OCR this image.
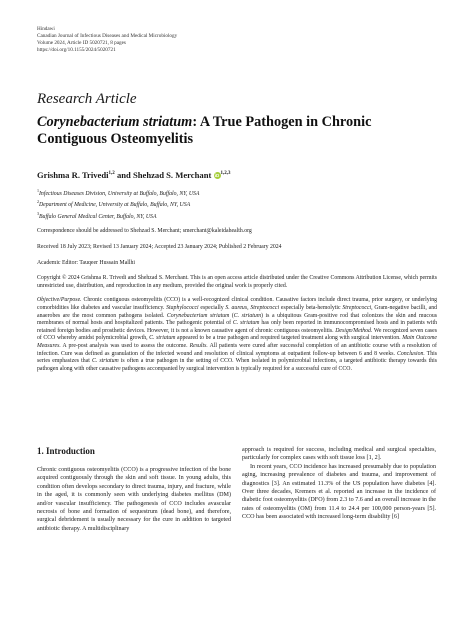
Hindawi
Canadian Journal of Infectious Diseases and Medical Microbiology
Volume 2024, Article ID 5020721, 8 pages
https://doi.org/10.1155/2024/5020721
Research Article
Corynebacterium striatum: A True Pathogen in Chronic Contiguous Osteomyelitis
Grishma R. Trivedi$^{1,2}$ and Shehzad S. Merchant iD$^{1,2,3}$
$^1$Infectious Diseases Division, University at Buffalo, Buffalo, NY, USA
$^2$Department of Medicine, University at Buffalo, Buffalo, NY, USA
$^3$Buffalo General Medical Center, Buffalo, NY, USA
Correspondence should be addressed to Shehzad S. Merchant; smerchant@kaleidahealth.org
Received 18 July 2023; Revised 13 January 2024; Accepted 23 January 2024; Published 2 February 2024
Academic Editor: Tauqeer Hussain Mallhi
Copyright © 2024 Grishma R. Trivedi and Shehzad S. Merchant. This is an open access article distributed under the Creative Commons Attribution License, which permits unrestricted use, distribution, and reproduction in any medium, provided the original work is properly cited.

Objective/Purpose. Chronic contiguous osteomyelitis (CCO) is a well-recognized clinical condition. Causative factors include direct trauma, prior surgery, or underlying comorbidities like diabetes and vascular insufficiency. Staphylococci especially S. aureus, Streptococci especially beta-hemolytic Streptococci, Gram-negative bacilli, and anaerobes are the most common pathogens isolated. Corynebacterium striatum (C. striatum) is a ubiquitous Gram-positive rod that colonizes the skin and mucous membranes of normal hosts and hospitalized patients. The pathogenic potential of C. striatum has only been reported in immunocompromised hosts and in patients with retained foreign bodies and prosthetic devices. However, it is not a known causative agent of chronic contiguous osteomyelitis. Design/Method. We recognized seven cases of CCO whereby amidst polymicrobial growth, C. striatum appeared to be a true pathogen and required targeted treatment along with surgical intervention. Main Outcome Measures. A pre-post analysis was used to assess the outcome. Results. All patients were cured after successful completion of an antibiotic course with a resolution of infection. Cure was defined as granulation of the infected wound and resolution of clinical symptoms at outpatient follow-up between 6 and 8 weeks. Conclusion. This series emphasizes that C. striatum is often a true pathogen in the setting of CCO. When isolated in polymicrobial infections, a targeted antibiotic therapy towards this pathogen along with other causative pathogens accompanied by surgical intervention is typically required for a successful cure of CCO.

1. Introduction

Chronic contiguous osteomyelitis (CCO) is a progressive infection of the bone acquired contiguously through the skin and soft tissue. In young adults, this condition often develops secondary to direct trauma, injury, and fracture, while in the aged, it is commonly seen with underlying diabetes mellitus (DM) and/or vascular insufficiency. The pathogenesis of CCO includes avascular necrosis of bone and formation of sequestrum (dead bone), and therefore, surgical debridement is usually necessary for the cure in addition to targeted antibiotic therapy. A multidisciplinary

approach is required for success, including medical and surgical specialties, particularly for complex cases with soft tissue loss [1, 2].

In recent years, CCO incidence has increased presumably due to population aging, increasing prevalence of diabetes and trauma, and improvement of diagnostics [3]. An estimated 11.3% of the US population have diabetes [4]. Over three decades, Kremers et al. reported an increase in the incidence of diabetic foot osteomyelitis (DFO) from 2.3 to 7.6 and an overall increase in the rates of osteomyelitis (OM) from 11.4 to 24.4 per 100,000 person-years [5]. CCO has been associated with increased long-term disability [6]
